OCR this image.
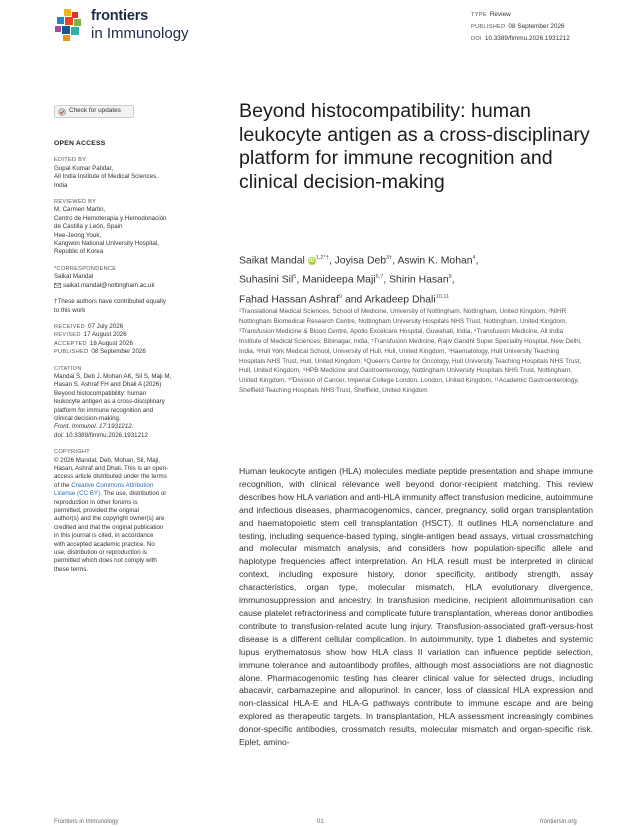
frontiers
in Immunology
TYPE Review
PUBLISHED 08 September 2026
DOI 10.3389/fimmu.2026.1931212
Check for updates
OPEN ACCESS
EDITED BY
Gopal Kumar Patidar,
All India Institute of Medical Sciences,
India
REVIEWED BY
M. Carmen Martin,
Centro de Hemoterapia y Hemodonación
de Castilla y León, Spain
Hee-Jeong Youk,
Kangwon National University Hospital,
Republic of Korea
*CORRESPONDENCE
Saikat Mandal
saikat.mandal@nottingham.ac.uk
†These authors have contributed equally
to this work
RECEIVED 07 July 2026
REVISED 17 August 2026
ACCEPTED 18 August 2026
PUBLISHED 08 September 2026
CITATION
Mandal S, Deb J, Mohan AK, Sil S, Maji M,
Hasan S, Ashraf FH and Dhali A (2026)
Beyond histocompatibility: human
leukocyte antigen as a cross-disciplinary
platform for immune recognition and
clinical decision-making.
Front. Immunol. 17:1931212.
doi: 10.3389/fimmu.2026.1931212
COPYRIGHT
© 2026 Mandal, Deb, Mohan, Sil, Maji,
Hasan, Ashraf and Dhali. This is an open-
access article distributed under the terms
of the Creative Commons Attribution
License (CC BY). The use, distribution or
reproduction in other forums is
permitted, provided the original
author(s) and the copyright owner(s) are
credited and that the original publication
in this journal is cited, in accordance
with accepted academic practice. No
use, distribution or reproduction is
permitted which does not comply with
these terms.
Beyond histocompatibility: human leukocyte antigen as a cross-disciplinary platform for immune recognition and clinical decision-making
Saikat Mandal $iD^{1,2*\dagger}$, Joyisa Deb$^{3\dagger}$, Aswin K. Mohan$^4$,
Suhasini Sil$^5$, Manideepa Maji$^{6,7}$, Shirin Hasan$^8$,
Fahad Hassan Ashraf$^9$ and Arkadeep Dhali$^{10,11}$
¹Translational Medical Sciences, School of Medicine, University of Nottingham, Nottingham, United Kingdom, ²NIHR Nottingham Biomedical Research Centre, Nottingham University Hospitals NHS Trust, Nottingham, United Kingdom, ³Transfusion Medicine & Blood Centre, Apollo Excelcare Hospital, Guwahati, India, ⁴Transfusion Medicine, All India Institute of Medical Sciences, Bibinagar, India, ⁵Transfusion Medicine, Rajiv Gandhi Super Speciality Hospital, New Delhi, India, ⁶Hull York Medical School, University of Hull, Hull, United Kingdom, ⁷Haematology, Hull University Teaching Hospitals NHS Trust, Hull, United Kingdom, ⁸Queen's Centre for Oncology, Hull University Teaching Hospitals NHS Trust, Hull, United Kingdom, ⁹HPB Medicine and Gastroenterology, Nottingham University Hospitals NHS Trust, Nottingham, United Kingdom, ¹⁰Division of Cancer, Imperial College London, London, United Kingdom, ¹¹Academic Gastroenterology, Sheffield Teaching Hospitals NHS Trust, Sheffield, United Kingdom

Human leukocyte antigen (HLA) molecules mediate peptide presentation and shape immune recognition, with clinical relevance well beyond donor-recipient matching. This review describes how HLA variation and anti-HLA immunity affect transfusion medicine, autoimmune and infectious diseases, pharmacogenomics, cancer, pregnancy, solid organ transplantation and haematopoietic stem cell transplantation (HSCT). It outlines HLA nomenclature and testing, including sequence-based typing, single-antigen bead assays, virtual crossmatching and molecular mismatch analysis, and considers how population-specific allele and haplotype frequencies affect interpretation. An HLA result must be interpreted in clinical context, including exposure history, donor specificity, antibody strength, assay characteristics, organ type, molecular mismatch, HLA evolutionary divergence, immunosuppression and ancestry. In transfusion medicine, recipient alloimmunisation can cause platelet refractoriness and complicate future transplantation, whereas donor antibodies contribute to transfusion-related acute lung injury. Transfusion-associated graft-versus-host disease is a different cellular complication. In autoimmunity, type 1 diabetes and systemic lupus erythematosus show how HLA class II variation can influence peptide selection, immune tolerance and autoantibody profiles, although most associations are not diagnostic alone. Pharmacogenomic testing has clearer clinical value for selected drugs, including abacavir, carbamazepine and allopurinol. In cancer, loss of classical HLA expression and non-classical HLA-E and HLA-G pathways contribute to immune escape and are being explored as therapeutic targets. In transplantation, HLA assessment increasingly combines donor-specific antibodies, crossmatch results, molecular mismatch and organ-specific risk. Eplet, amino-

Frontiers in Immunology	01	frontiersin.org
